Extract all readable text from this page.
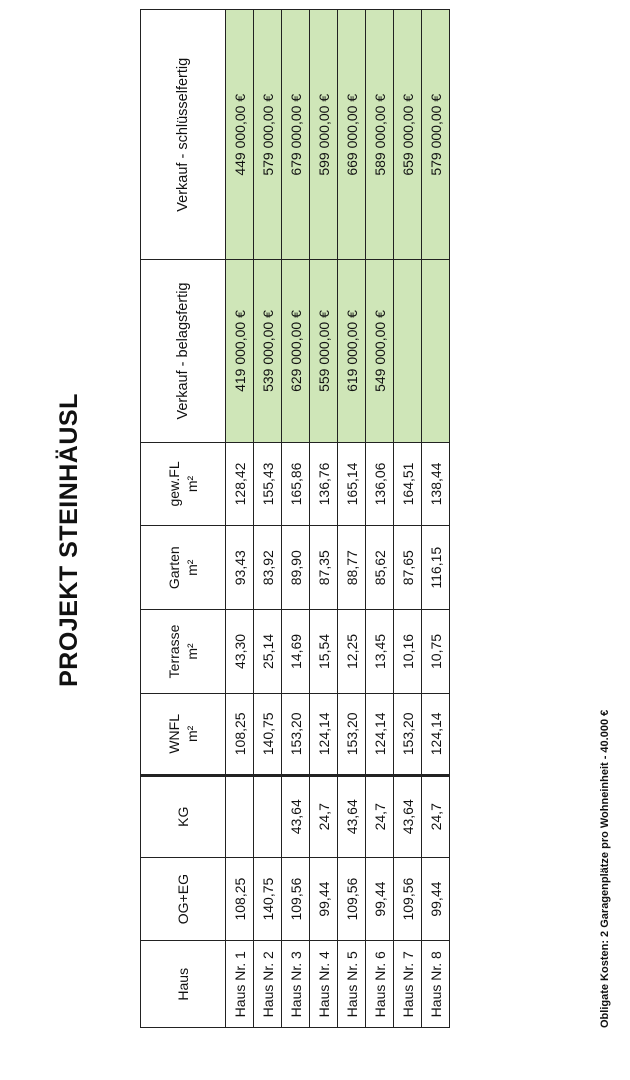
PROJEKT STEINHÄUSL
Haus	OG+EG	KG	WNFL m²	Terrasse m²	Garten m²	gew.FL m²	Verkauf - belagsfertig	Verkauf - schlüsselfertig
Haus Nr. 1	108,25		108,25	43,30	93,43	128,42	419 000,00 €	449 000,00 €
Haus Nr. 2	140,75		140,75	25,14	83,92	155,43	539 000,00 €	579 000,00 €
Haus Nr. 3	109,56	43,64	153,20	14,69	89,90	165,86	629 000,00 €	679 000,00 €
Haus Nr. 4	99,44	24,7	124,14	15,54	87,35	136,76	559 000,00 €	599 000,00 €
Haus Nr. 5	109,56	43,64	153,20	12,25	88,77	165,14	619 000,00 €	669 000,00 €
Haus Nr. 6	99,44	24,7	124,14	13,45	85,62	136,06	549 000,00 €	589 000,00 €
Haus Nr. 7	109,56	43,64	153,20	10,16	87,65	164,51		659 000,00 €
Haus Nr. 8	99,44	24,7	124,14	10,75	116,15	138,44		579 000,00 €
Obligate Kosten: 2 Garagenplätze pro Wohneinheit - 40.000 €
